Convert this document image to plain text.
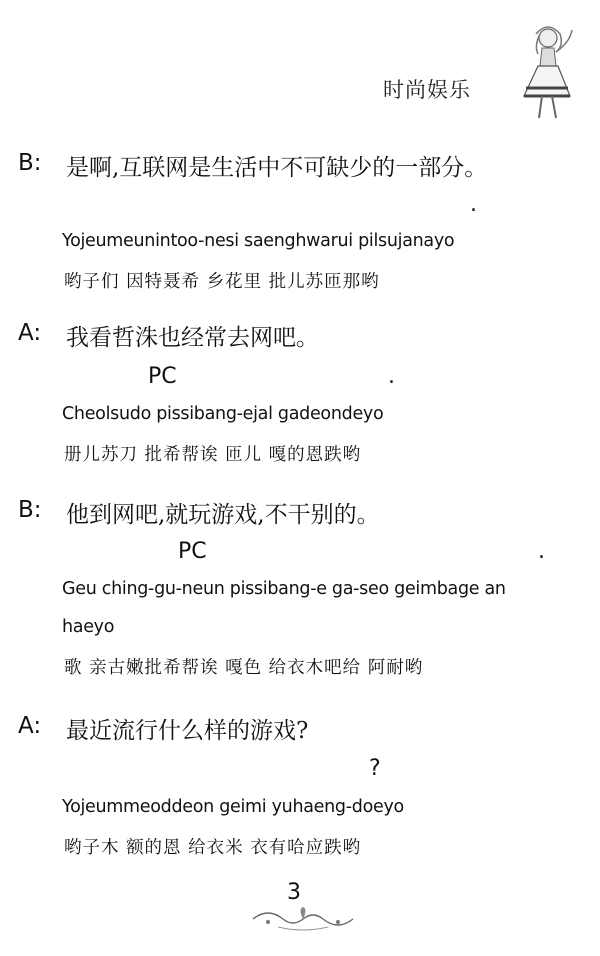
时尚娱乐
B: 是啊,互联网是生活中不可缺少的一部分。
.
Yojeumeunintoo-nesi saenghwarui pilsujanayo
哟子们 因特聂希 乡花里 批儿苏匝那哟
A: 我看哲洙也经常去网吧。
PC	.
Cheolsudo pissibang-ejal gadeondeyo
册儿苏刀 批希帮诶 匝儿 嘎的恩跌哟
B: 他到网吧,就玩游戏,不干别的。
PC	.
Geu ching-gu-neun pissibang-e ga-seo geimbage an
haeyo
歌 亲古嫩批希帮诶 嘎色 给衣木吧给 阿耐哟
A: 最近流行什么样的游戏?
?
Yojeummeoddeon geimi yuhaeng-doeyo
哟子木 额的恩 给衣米 衣有哈应跌哟
3
